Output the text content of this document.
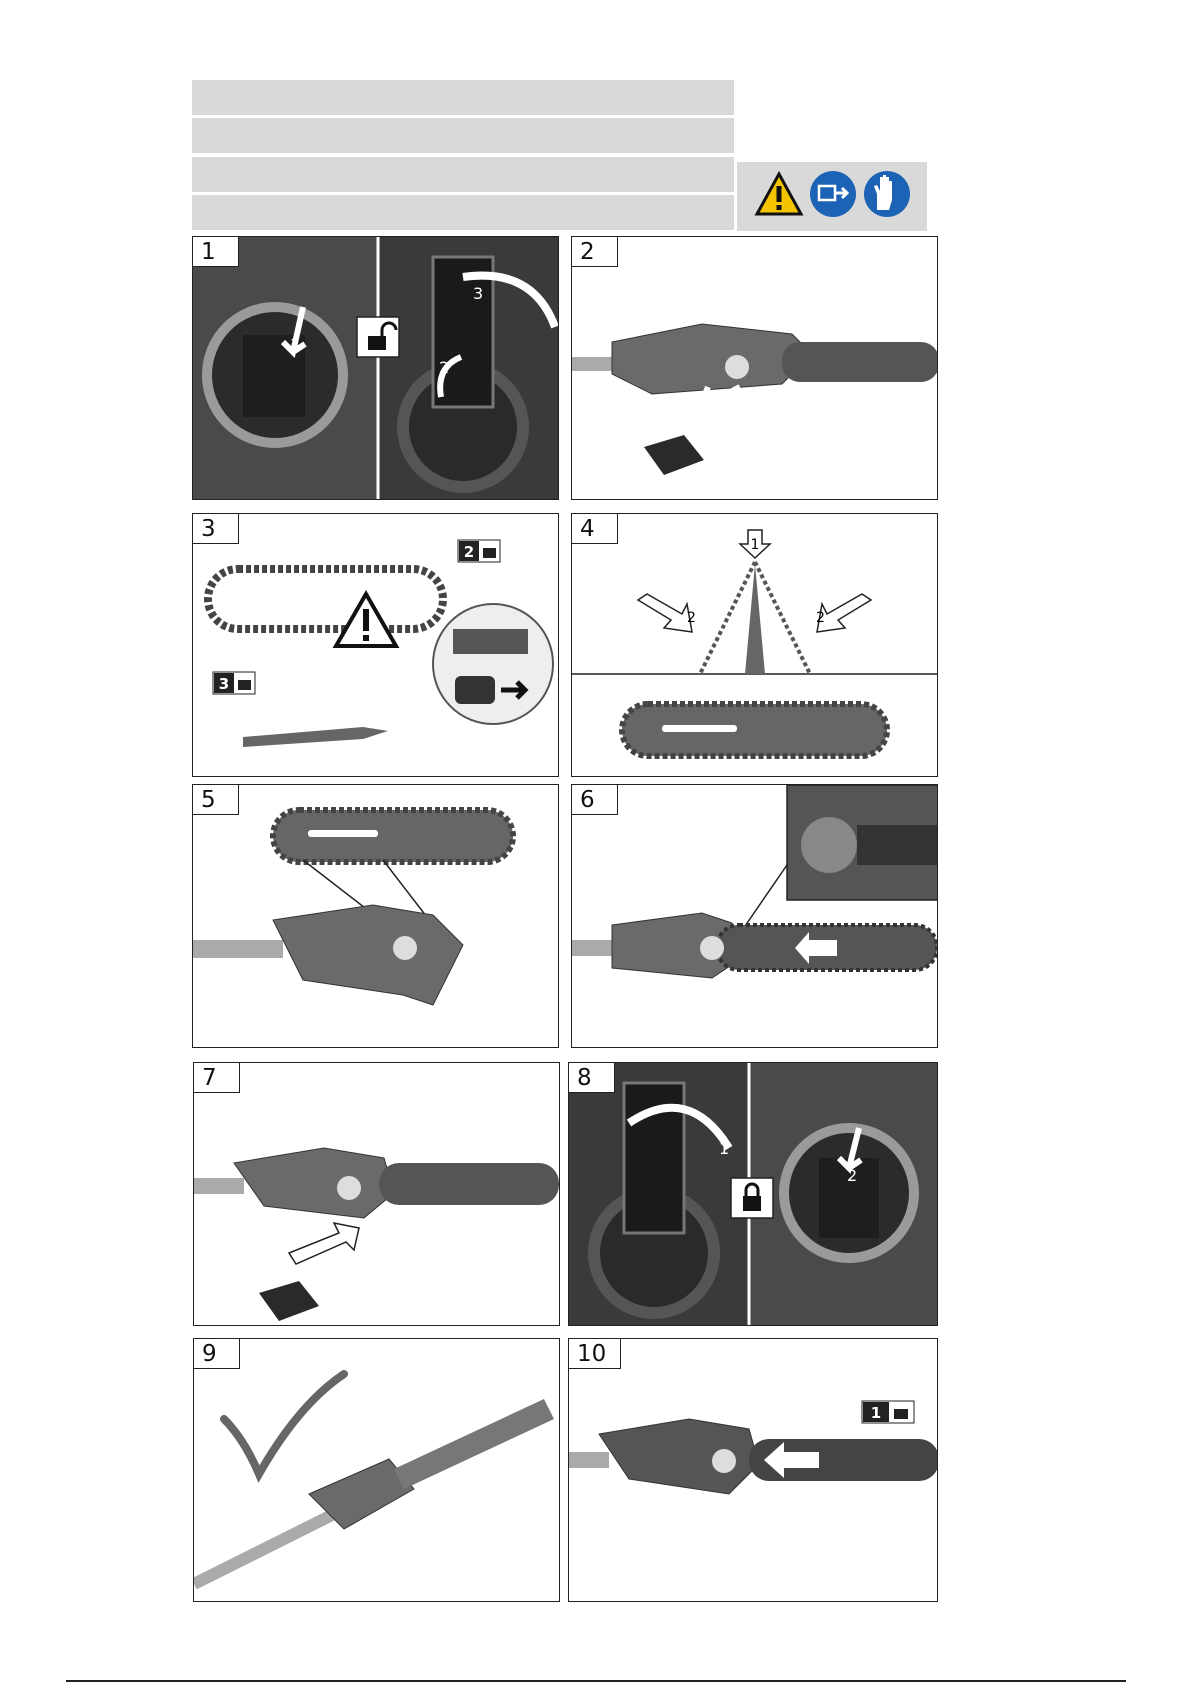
1
2
3
1	2
2
3
3
1
2	2
4
5	6
7
1
2
8
9
1
10
